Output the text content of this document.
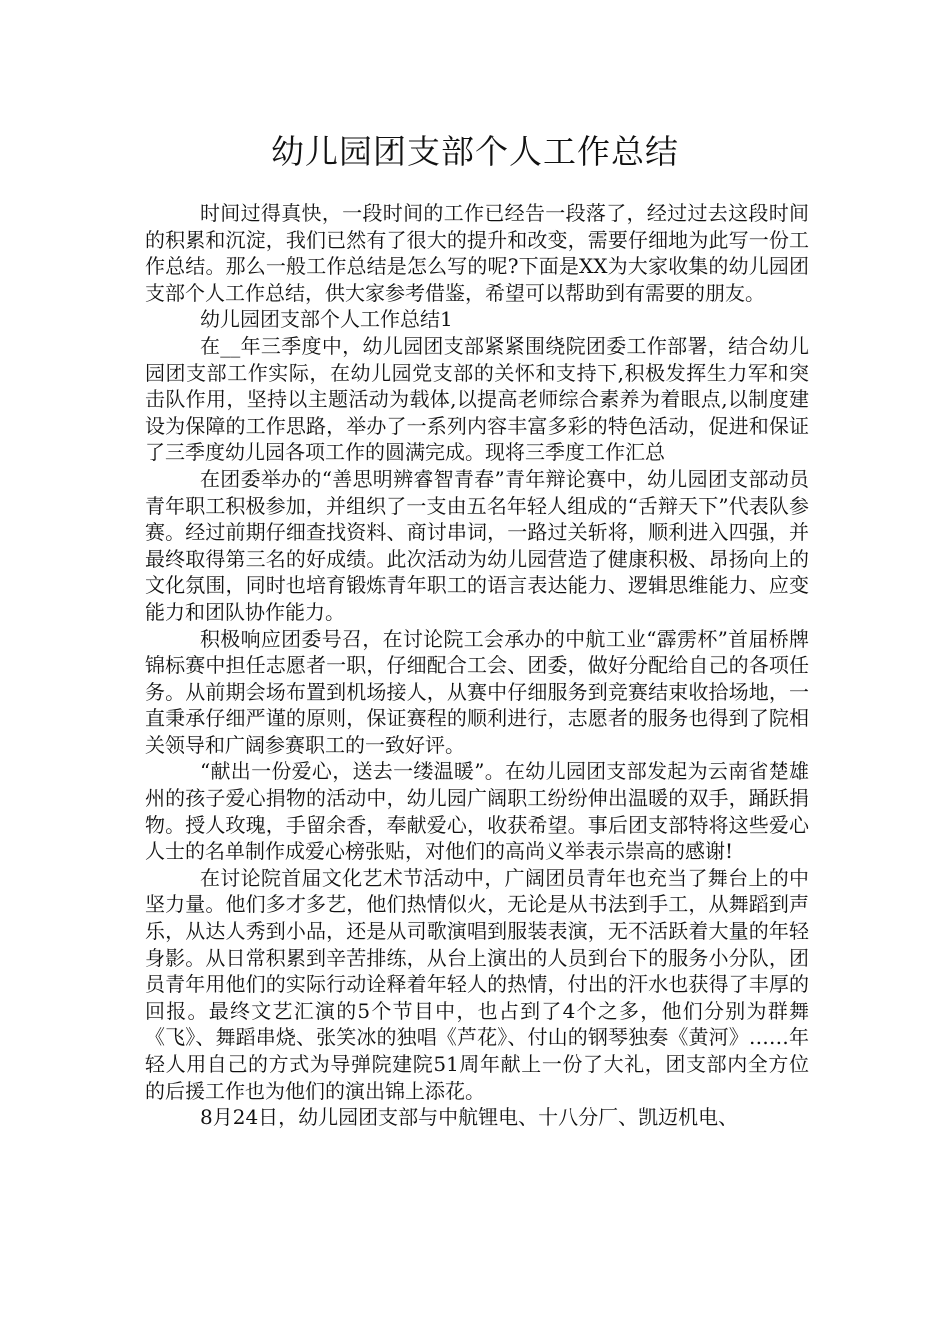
幼儿园团支部个人工作总结

时间过得真快，一段时间的工作已经告一段落了，经过过去这段时间的积累和沉淀，我们已然有了很大的提升和改变，需要仔细地为此写一份工作总结。那么一般工作总结是怎么写的呢?下面是XX为大家收集的幼儿园团支部个人工作总结，供大家参考借鉴，希望可以帮助到有需要的朋友。

幼儿园团支部个人工作总结1

在__年三季度中，幼儿园团支部紧紧围绕院团委工作部署，结合幼儿园团支部工作实际，在幼儿园党支部的关怀和支持下,积极发挥生力军和突击队作用，坚持以主题活动为载体,以提高老师综合素养为着眼点,以制度建设为保障的工作思路，举办了一系列内容丰富多彩的特色活动，促进和保证了三季度幼儿园各项工作的圆满完成。现将三季度工作汇总

在团委举办的“善思明辨睿智青春”青年辩论赛中，幼儿园团支部动员青年职工积极参加，并组织了一支由五名年轻人组成的“舌辩天下”代表队参赛。经过前期仔细查找资料、商讨串词，一路过关斩将，顺利进入四强，并最终取得第三名的好成绩。此次活动为幼儿园营造了健康积极、昂扬向上的文化氛围，同时也培育锻炼青年职工的语言表达能力、逻辑思维能力、应变能力和团队协作能力。

积极响应团委号召，在讨论院工会承办的中航工业“霹雳杯”首届桥牌锦标赛中担任志愿者一职，仔细配合工会、团委，做好分配给自己的各项任务。从前期会场布置到机场接人，从赛中仔细服务到竞赛结束收拾场地，一直秉承仔细严谨的原则，保证赛程的顺利进行，志愿者的服务也得到了院相关领导和广阔参赛职工的一致好评。

“献出一份爱心，送去一缕温暖”。在幼儿园团支部发起为云南省楚雄州的孩子爱心捐物的活动中，幼儿园广阔职工纷纷伸出温暖的双手，踊跃捐物。授人玫瑰，手留余香，奉献爱心，收获希望。事后团支部特将这些爱心人士的名单制作成爱心榜张贴，对他们的高尚义举表示崇高的感谢!

在讨论院首届文化艺术节活动中，广阔团员青年也充当了舞台上的中坚力量。他们多才多艺，他们热情似火，无论是从书法到手工，从舞蹈到声乐，从达人秀到小品，还是从司歌演唱到服装表演，无不活跃着大量的年轻身影。从日常积累到辛苦排练，从台上演出的人员到台下的服务小分队，团员青年用他们的实际行动诠释着年轻人的热情，付出的汗水也获得了丰厚的回报。最终文艺汇演的5个节目中，也占到了4个之多，他们分别为群舞《飞》、舞蹈串烧、张笑冰的独唱《芦花》、付山的钢琴独奏《黄河》……年轻人用自己的方式为导弹院建院51周年献上一份了大礼，团支部内全方位的后援工作也为他们的演出锦上添花。

8月24日，幼儿园团支部与中航锂电、十八分厂、凯迈机电、
